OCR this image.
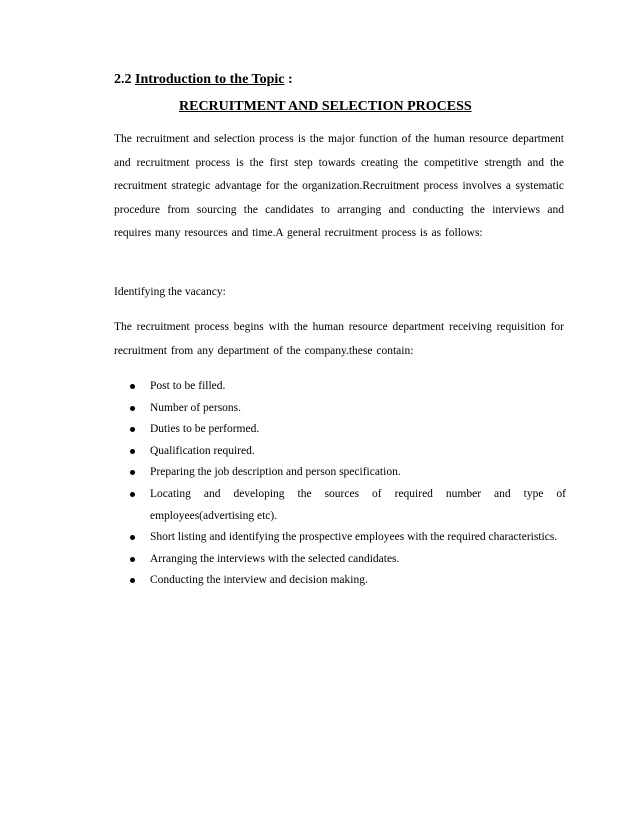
2.2 Introduction to the Topic :
RECRUITMENT AND SELECTION PROCESS
The recruitment and selection process is the major function of the human resource department and recruitment process is the first step towards creating the competitive strength and the recruitment strategic advantage for the organization.Recruitment process involves a systematic procedure from sourcing the candidates to arranging and conducting the interviews and requires many resources and time.A general recruitment process is as follows:
Identifying the vacancy:
The recruitment process begins with the human resource department receiving requisition for recruitment from any department of the company.these contain:
Post to be filled.
Number of persons.
Duties to be performed.
Qualification required.
Preparing the job description and person specification.
Locating and developing the sources of required number and type of employees(advertising etc).
Short listing and identifying the prospective employees with the required characteristics.
Arranging the interviews with the selected candidates.
Conducting the interview and decision making.
